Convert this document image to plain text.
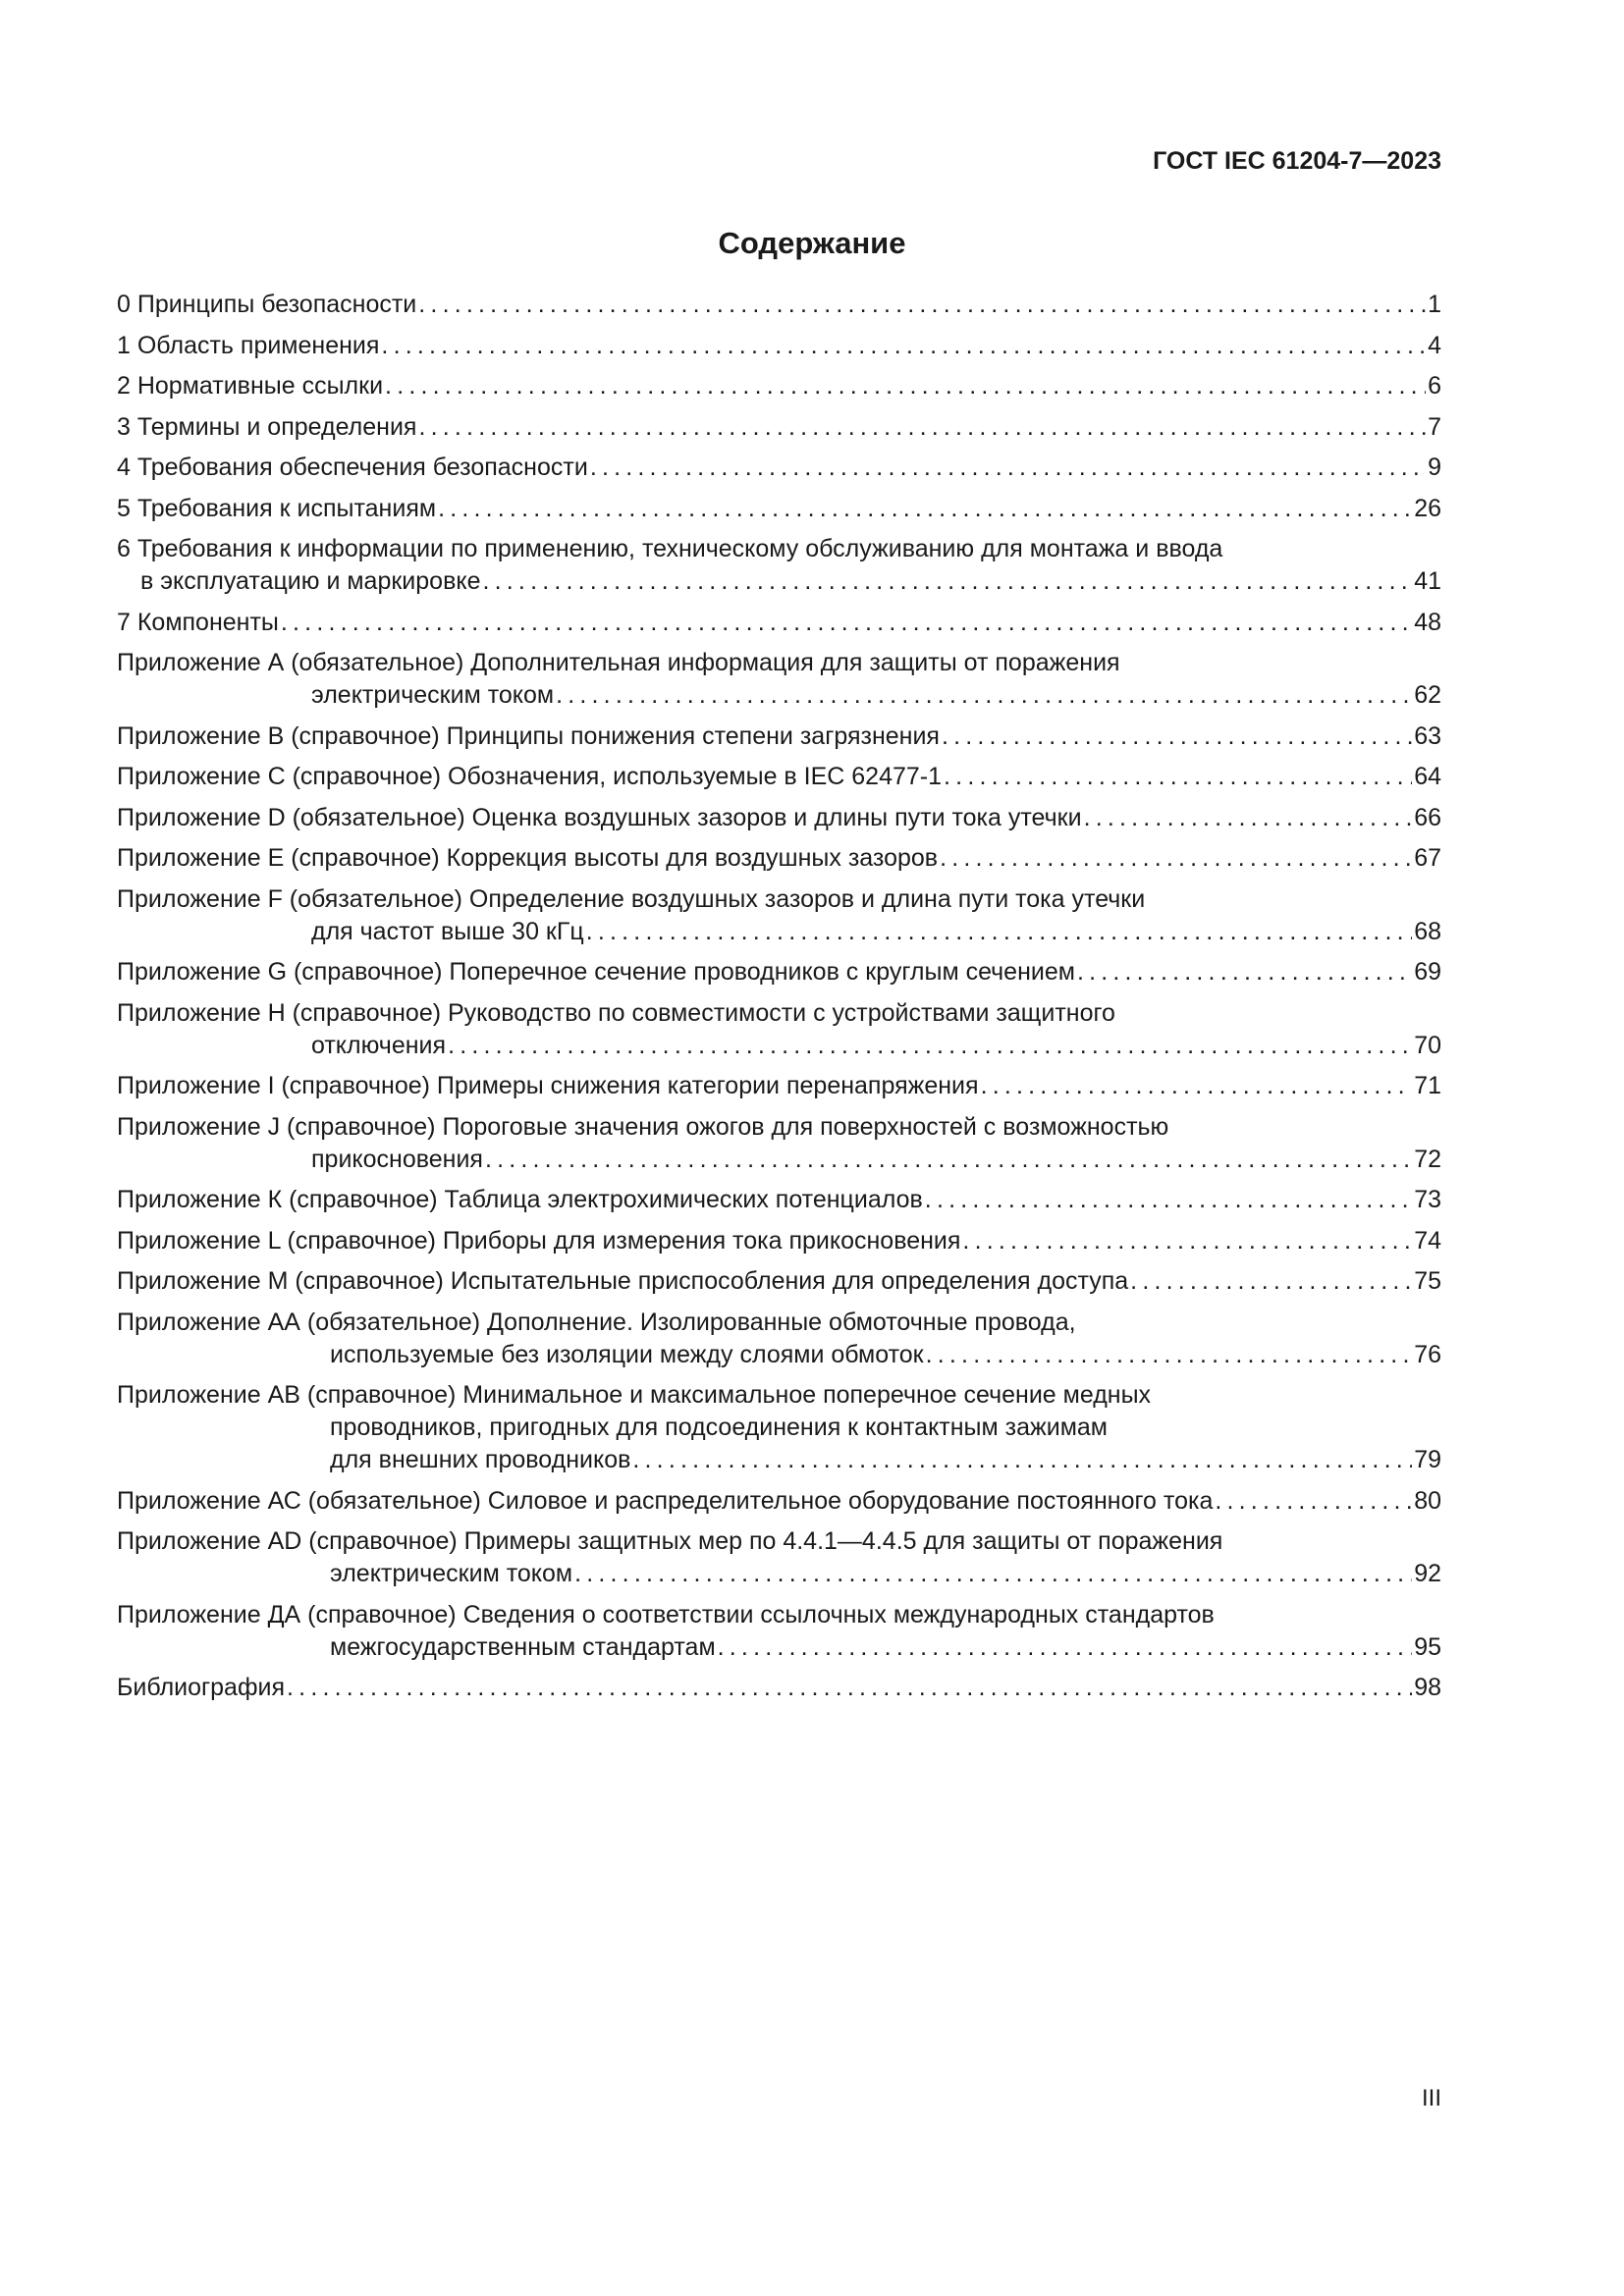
ГОСТ IEC 61204-7—2023
Содержание
0 Принципы безопасности .....	1
1 Область применения .....	4
2 Нормативные ссылки .....	6
3 Термины и определения .....	7
4 Требования обеспечения безопасности .....	9
5 Требования к испытаниям .....	26
6 Требования к информации по применению, техническому обслуживанию для монтажа и ввода
в эксплуатацию и маркировке .....	41
7 Компоненты .....	48
Приложение А (обязательное) Дополнительная информация для защиты от поражения
электрическим током .....	62
Приложение В (справочное) Принципы понижения степени загрязнения .....	63
Приложение С (справочное) Обозначения, используемые в IEC 62477-1 .....	64
Приложение D (обязательное) Оценка воздушных зазоров и длины пути тока утечки .....	66
Приложение Е (справочное) Коррекция высоты для воздушных зазоров .....	67
Приложение F (обязательное) Определение воздушных зазоров и длина пути тока утечки
для частот выше 30 кГц .....	68
Приложение G (справочное) Поперечное сечение проводников с круглым сечением .....	69
Приложение Н (справочное) Руководство по совместимости с устройствами защитного
отключения .....	70
Приложение I (справочное) Примеры снижения категории перенапряжения .....	71
Приложение J (справочное) Пороговые значения ожогов для поверхностей с возможностью
прикосновения .....	72
Приложение К (справочное) Таблица электрохимических потенциалов .....	73
Приложение L (справочное) Приборы для измерения тока прикосновения .....	74
Приложение М (справочное) Испытательные приспособления для определения доступа .....	75
Приложение АА (обязательное) Дополнение. Изолированные обмоточные провода,
используемые без изоляции между слоями обмоток .....	76
Приложение АВ (справочное) Минимальное и максимальное поперечное сечение медных
проводников, пригодных для подсоединения к контактным зажимам
для внешних проводников .....	79
Приложение АС (обязательное) Силовое и распределительное оборудование постоянного тока .....	80
Приложение AD (справочное) Примеры защитных мер по 4.4.1—4.4.5 для защиты от поражения
электрическим током .....	92
Приложение ДА (справочное) Сведения о соответствии ссылочных международных стандартов
межгосударственным стандартам .....	95
Библиография .....	98
III
